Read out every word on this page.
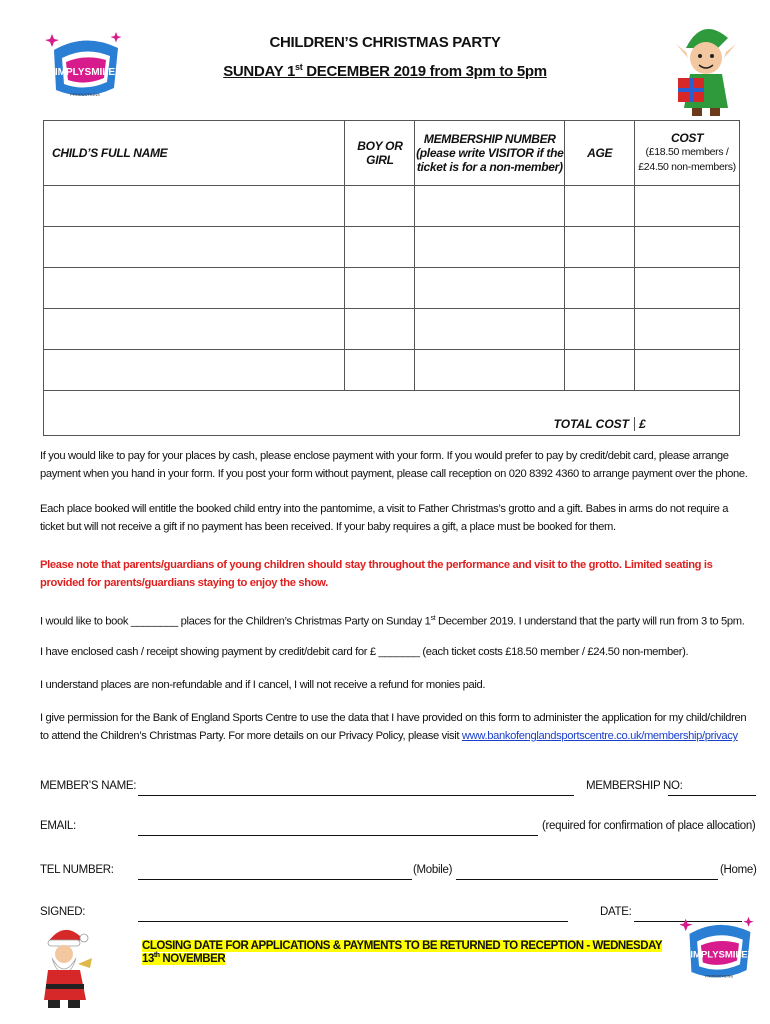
SIMPLYSMILEY
PRODUCTIONS
CHILDREN’S CHRISTMAS PARTY
SUNDAY 1st DECEMBER 2019 from 3pm to 5pm
CHILD’S FULL NAME	BOY OR GIRL	MEMBERSHIP NUMBER (please write VISITOR if the ticket is for a non-member)	AGE	COST
(£18.50 members / £24.50 non-members)

TOTAL COST £				
If you would like to pay for your places by cash, please enclose payment with your form. If you would prefer to pay by credit/debit card, please arrange payment when you hand in your form. If you post your form without payment, please call reception on 020 8392 4360 to arrange payment over the phone.
Each place booked will entitle the booked child entry into the pantomime, a visit to Father Christmas’s grotto and a gift. Babes in arms do not require a ticket but will not receive a gift if no payment has been received. If your baby requires a gift, a place must be booked for them.
Please note that parents/guardians of young children should stay throughout the performance and visit to the grotto. Limited seating is provided for parents/guardians staying to enjoy the show.
I would like to book ________ places for the Children’s Christmas Party on Sunday 1st December 2019. I understand that the party will run from 3 to 5pm.
I have enclosed cash / receipt showing payment by credit/debit card for £ _______ (each ticket costs £18.50 member / £24.50 non-member).
I understand places are non-refundable and if I cancel, I will not receive a refund for monies paid.
I give permission for the Bank of England Sports Centre to use the data that I have provided on this form to administer the application for my child/children to attend the Children’s Christmas Party. For more details on our Privacy Policy, please visit www.bankofenglandsportscentre.co.uk/membership/privacy
MEMBER’S NAME:	MEMBERSHIP NO:
EMAIL:	(required for confirmation of place allocation)
TEL NUMBER:	(Mobile)	(Home)
SIGNED:	DATE:
CLOSING DATE FOR APPLICATIONS & PAYMENTS TO BE RETURNED TO RECEPTION - WEDNESDAY 13th NOVEMBER	SIMPLYSMILEY
PRODUCTIONS
